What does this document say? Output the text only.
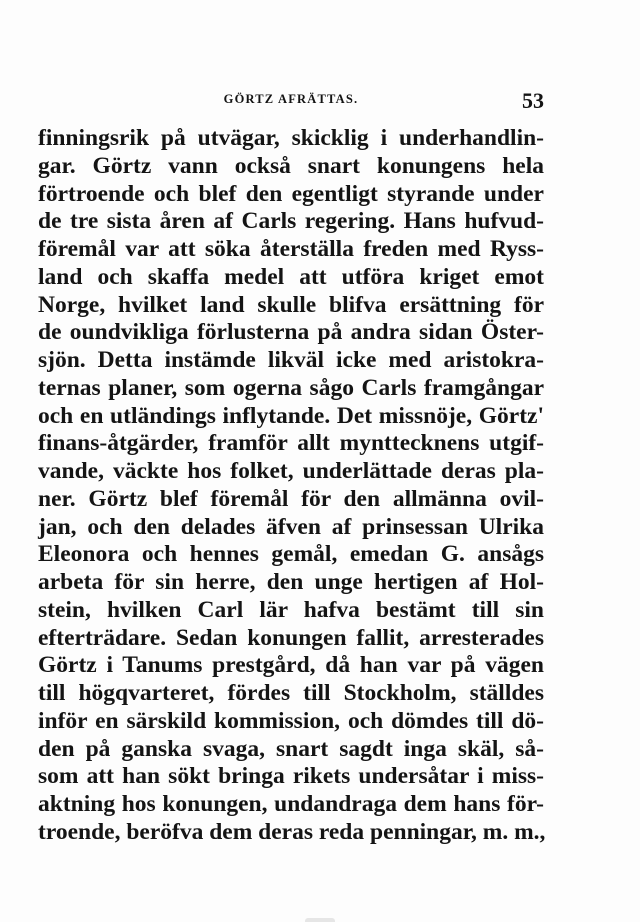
GÖRTZ AFRÄTTAS.	53
finningsrik på utvägar, skicklig i underhandlin-
gar. Görtz vann också snart konungens hela
förtroende och blef den egentligt styrande under
de tre sista åren af Carls regering. Hans hufvud-
föremål var att söka återställa freden med Ryss-
land och skaffa medel att utföra kriget emot
Norge, hvilket land skulle blifva ersättning för
de oundvikliga förlusterna på andra sidan Öster-
sjön. Detta instämde likväl icke med aristokra-
ternas planer, som ogerna sågo Carls framgångar
och en utländings inflytande. Det missnöje, Görtz'
finans-åtgärder, framför allt mynttecknens utgif-
vande, väckte hos folket, underlättade deras pla-
ner. Görtz blef föremål för den allmänna ovil-
jan, och den delades äfven af prinsessan Ulrika
Eleonora och hennes gemål, emedan G. ansågs
arbeta för sin herre, den unge hertigen af Hol-
stein, hvilken Carl lär hafva bestämt till sin
efterträdare. Sedan konungen fallit, arresterades
Görtz i Tanums prestgård, då han var på vägen
till högqvarteret, fördes till Stockholm, ställdes
inför en särskild kommission, och dömdes till dö-
den på ganska svaga, snart sagdt inga skäl, så-
som att han sökt bringa rikets undersåtar i miss-
aktning hos konungen, undandraga dem hans för-
troende, beröfva dem deras reda penningar, m. m.,
